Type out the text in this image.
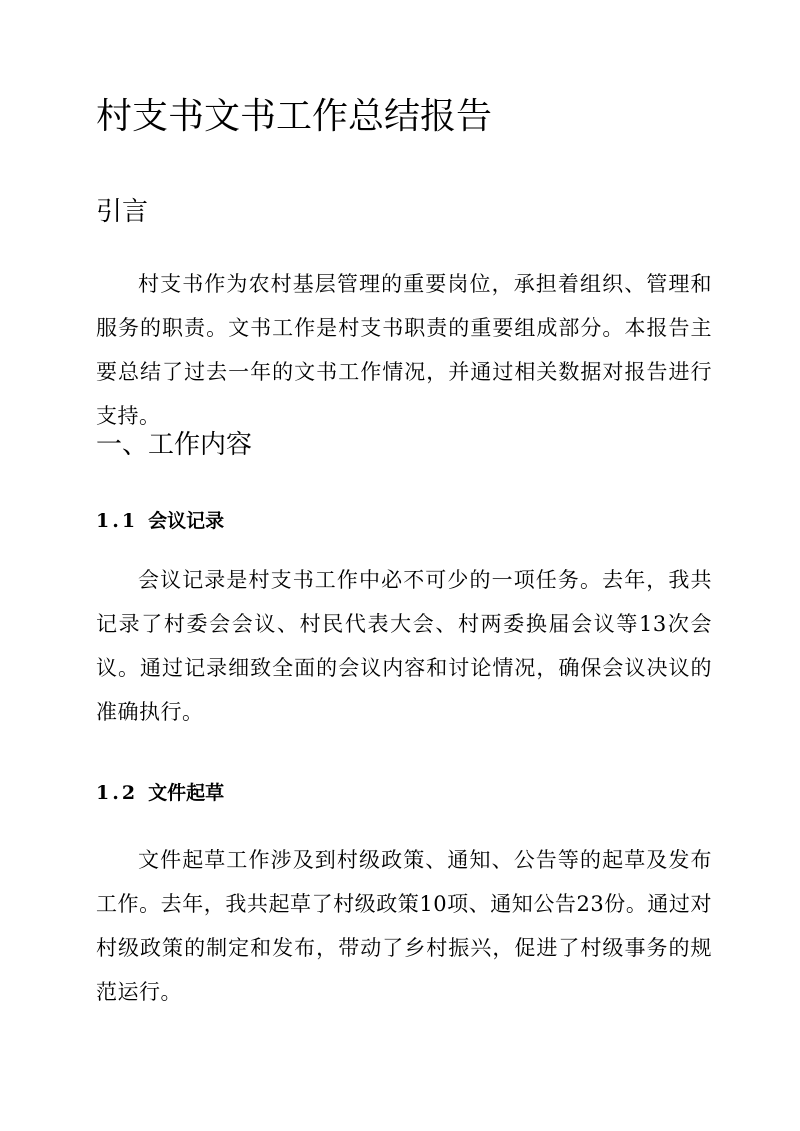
村支书文书工作总结报告
引言

村支书作为农村基层管理的重要岗位，承担着组织、管理和服务的职责。文书工作是村支书职责的重要组成部分。本报告主要总结了过去一年的文书工作情况，并通过相关数据对报告进行支持。

一、工作内容
1.1 会议记录

会议记录是村支书工作中必不可少的一项任务。去年，我共记录了村委会会议、村民代表大会、村两委换届会议等13次会议。通过记录细致全面的会议内容和讨论情况，确保会议决议的准确执行。

1.2 文件起草

文件起草工作涉及到村级政策、通知、公告等的起草及发布工作。去年，我共起草了村级政策10项、通知公告23份。通过对村级政策的制定和发布，带动了乡村振兴，促进了村级事务的规范运行。
